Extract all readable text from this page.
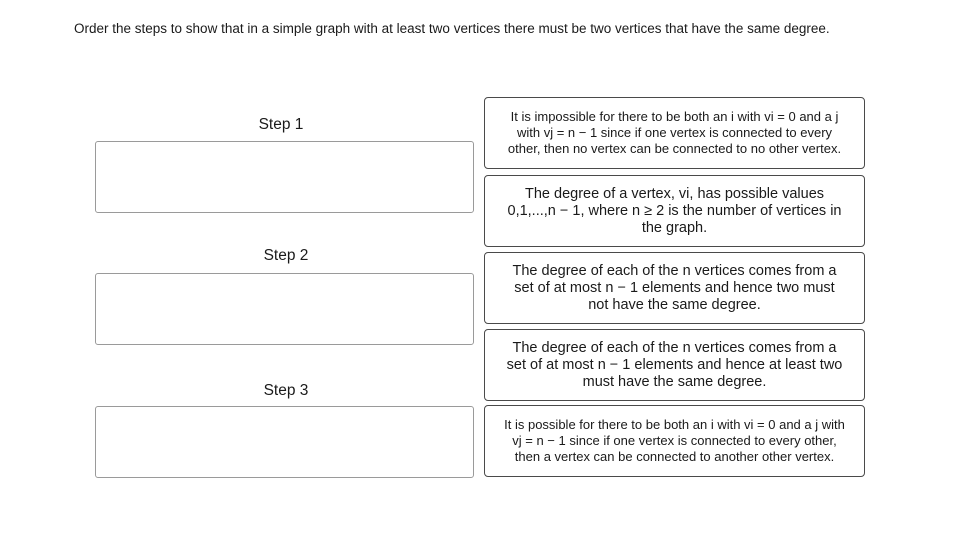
Order the steps to show that in a simple graph with at least two vertices there must be two vertices that have the same degree.
Step 1
Step 2
Step 3
It is impossible for there to be both an i with vi = 0 and a j with vj = n − 1 since if one vertex is connected to every other, then no vertex can be connected to no other vertex.
The degree of a vertex, vi, has possible values 0,1,...,n − 1, where n ≥ 2 is the number of vertices in the graph.
The degree of each of the n vertices comes from a set of at most n − 1 elements and hence two must not have the same degree.
The degree of each of the n vertices comes from a set of at most n − 1 elements and hence at least two must have the same degree.
It is possible for there to be both an i with vi = 0 and a j with vj = n − 1 since if one vertex is connected to every other, then a vertex can be connected to another other vertex.
